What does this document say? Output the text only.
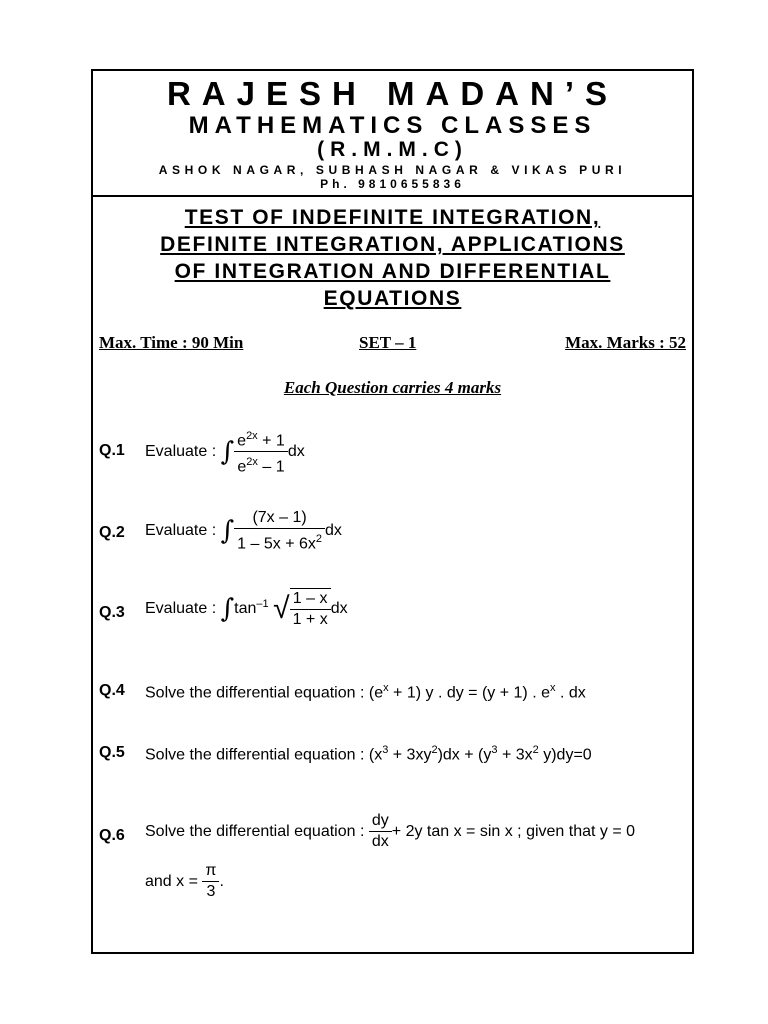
RAJESH MADAN’S
MATHEMATICS CLASSES
(R.M.M.C)
ASHOK NAGAR, SUBHASH NAGAR & VIKAS PURI
Ph. 9810655836
TEST OF INDEFINITE INTEGRATION,
DEFINITE INTEGRATION, APPLICATIONS
OF INTEGRATION AND DIFFERENTIAL
EQUATIONS
Max. Time : 90 Min	SET – 1	Max. Marks : 52
Each Question carries 4 marks
Q.1 Evaluate : ∫ $\frac{e^{2x} + 1}{e^{2x} - 1}$ dx
Q.2 Evaluate : ∫ $\frac{(7x - 1)}{1 - 5x + 6x^2}$ dx
Q.3 Evaluate : $\int\tan^{-1}$ √ $\frac{1 - x}{1 + x}$ dx
Q.4 Solve the differential equation : $(e^x + 1)$ y . dy = (y + 1) . $e^x$ . dx
Q.5 Solve the differential equation : $(x^3 + 3xy^2)dx + (y^3 + 3x^2$ y)dy=0
Q.6 Solve the differential equation : $\frac{dy}{dx} + 2y$ tan x = sin x ; given that y = 0
and $x = \frac{\pi}{3}$ .
